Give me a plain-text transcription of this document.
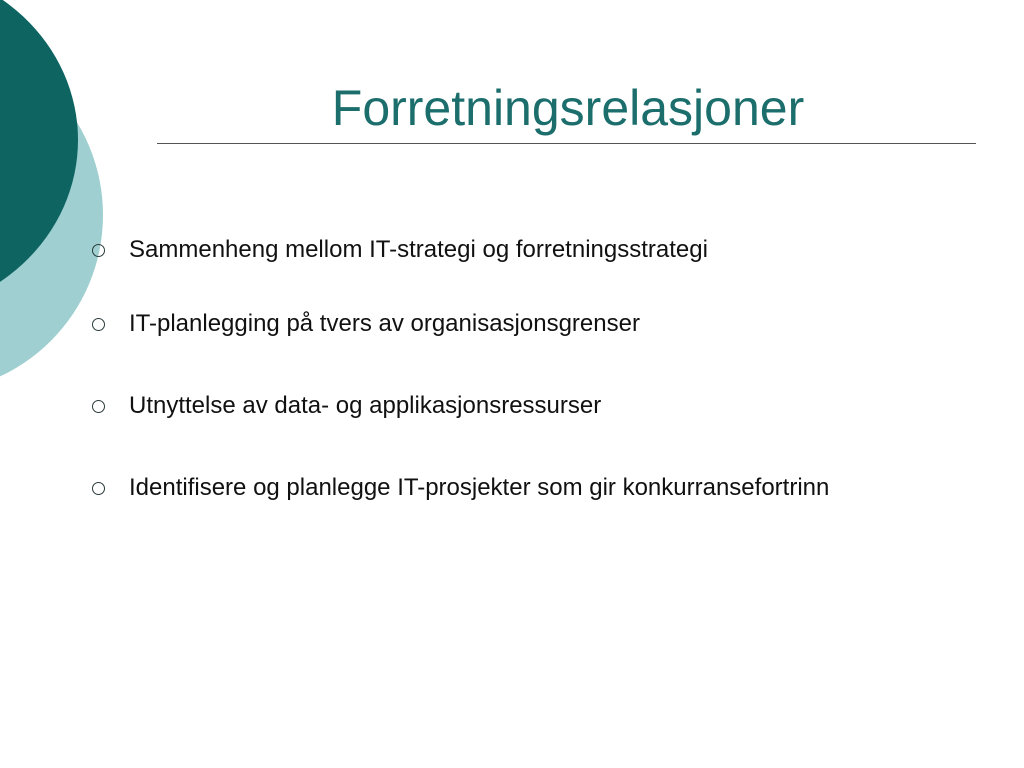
Forretningsrelasjoner
Sammenheng mellom IT-strategi og forretningsstrategi
IT-planlegging på tvers av organisasjonsgrenser
Utnyttelse av data- og applikasjonsressurser
Identifisere og planlegge IT-prosjekter som gir konkurransefortrinn
